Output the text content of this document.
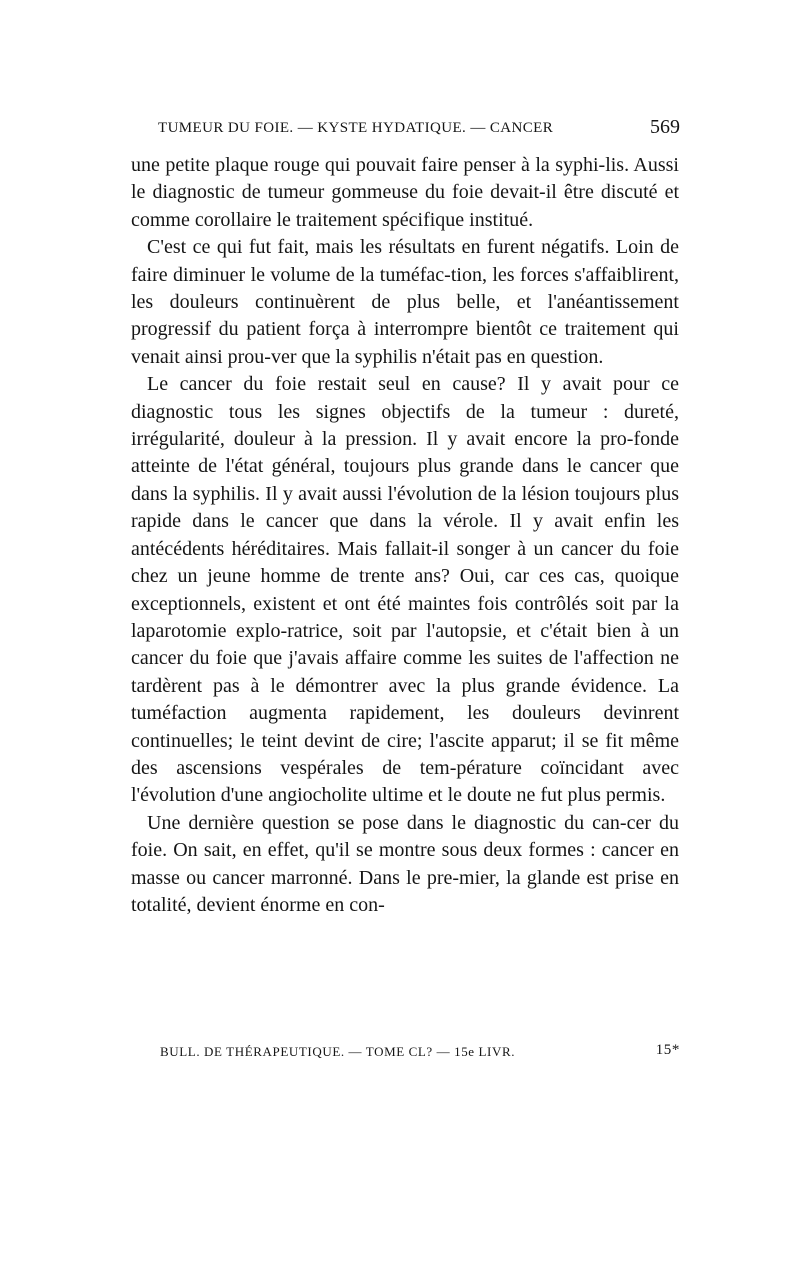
TUMEUR DU FOIE. — KYSTE HYDATIQUE. — CANCER	569

une petite plaque rouge qui pouvait faire penser à la syphi-lis. Aussi le diagnostic de tumeur gommeuse du foie devait-il être discuté et comme corollaire le traitement spécifique institué.

C'est ce qui fut fait, mais les résultats en furent négatifs. Loin de faire diminuer le volume de la tuméfac-tion, les forces s'affaiblirent, les douleurs continuèrent de plus belle, et l'anéantissement progressif du patient força à interrompre bientôt ce traitement qui venait ainsi prou-ver que la syphilis n'était pas en question.

Le cancer du foie restait seul en cause? Il y avait pour ce diagnostic tous les signes objectifs de la tumeur : dureté, irrégularité, douleur à la pression. Il y avait encore la pro-fonde atteinte de l'état général, toujours plus grande dans le cancer que dans la syphilis. Il y avait aussi l'évolution de la lésion toujours plus rapide dans le cancer que dans la vérole. Il y avait enfin les antécédents héréditaires. Mais fallait-il songer à un cancer du foie chez un jeune homme de trente ans? Oui, car ces cas, quoique exceptionnels, existent et ont été maintes fois contrôlés soit par la laparotomie explo-ratrice, soit par l'autopsie, et c'était bien à un cancer du foie que j'avais affaire comme les suites de l'affection ne tardèrent pas à le démontrer avec la plus grande évidence. La tuméfaction augmenta rapidement, les douleurs devinrent continuelles; le teint devint de cire; l'ascite apparut; il se fit même des ascensions vespérales de tem-pérature coïncidant avec l'évolution d'une angiocholite ultime et le doute ne fut plus permis.

Une dernière question se pose dans le diagnostic du can-cer du foie. On sait, en effet, qu'il se montre sous deux formes : cancer en masse ou cancer marronné. Dans le pre-mier, la glande est prise en totalité, devient énorme en con-

BULL. DE THÉRAPEUTIQUE. — TOME CL? — 15e LIVR.	15*
